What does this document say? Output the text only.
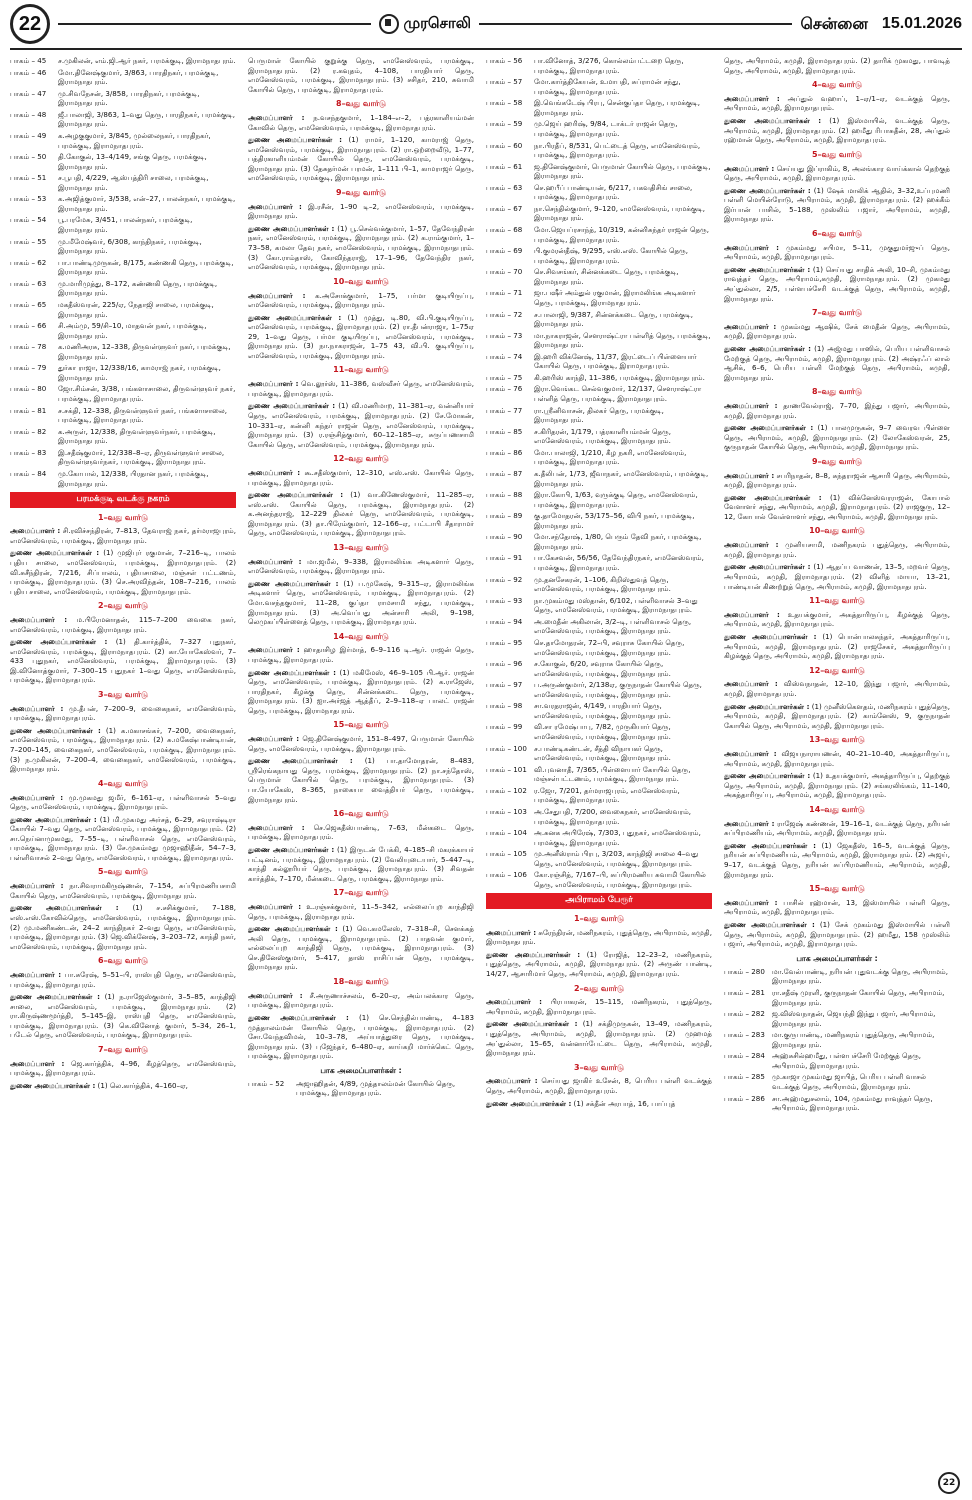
22	முரசொலி	சென்னை 15.01.2026
பாகம் – 45	ச.முகிலன், எம்.ஜி.ஆர் நகர், பரமக்குடி, இராமநாதபுரம்.
பாகம் – 46	மோ.தினேஷ்குமார், 3/863, பாரதிநகர், பரமக்குடி, இராமநாதபுரம்.
பாகம் – 47	மு.சிவநேசன், 3/858, பாரதிநகர், பரமக்குடி, இராமநாதபுரம்.
பாகம் – 48	ஜீ.பாலாஜி, 3/863, 1–வது தெரு, பாரதிநகர், பரமக்குடி, இராமநாதபுரம்.
பாகம் – 49	க.அழகுகுமார், 3/845, முல்லைநகர், பாரதிநகர், பரமக்குடி, இராமநாதபுரம்.
பாகம் – 50	தி.கோகுல், 13–4/149, சங்கு தெரு, பரமக்குடி, இராமநாதபுரம்.
பாகம் – 51	ச.பூபதி, 4/229, ஆஸ்பத்திரி சாலை, பரமக்குடி, இராமநாதபுரம்.
பாகம் – 53	க.அஜித்குமார், 3/538, என்–27, பாலன்நகர், பரமக்குடி, இராமநாதபுரம்.
பாகம் – 54	பூ.பரமேசு, 3/451, பாலன்நகர், பரமக்குடி, இராமநாதபுரம்.
பாகம் – 55	மு.மீமேஷ்வர், 6/308, காந்திநகர், பரமக்குடி, இராமநாதபுரம்.
பாகம் – 62	பா.பாண்டிமுருகன், 8/175, கண்ணகி தெரு, பரமக்குடி, இராமநாதபுரம்.
பாகம் – 63	மு.மாரிமுத்து, 8–172, கண்ணகி தெரு, பரமக்குடி, இராமநாதபுரம்.
பாகம் – 65	மகதீஸ்வரன், 225/ஏ, நேதாஜி சாலை, பரமக்குடி, இராமநாதபுரம்.
பாகம் – 66	சி.அம்மு, 59/சி–10, மாதவன் நகர், பரமக்குடி, இராமநாதபுரம்.
பாகம் – 78	க.மணிஅரசு, 12–338, திருவள்ளுவர் நகர், பரமக்குடி, இராமநாதபுரம்.
பாகம் – 79	துர்கா ராஜா, 12/338/16, காமராஜ் நகர், பரமக்குடி, இராமநாதபுரம்.
பாகம் – 80	ஜோ.சிம்சன், 3/38, பங்களாசாலை, திருவள்ளுவர் நகர், பரமக்குடி, இராமநாதபுரம்.
பாகம் – 81	ச.சக்தி, 12–338, திருவள்ளுவர் நகர், பங்களாசாலை, பரமக்குடி, இராமநாதபுரம்.
பாகம் – 82	க.அருள், 12/338, திருவள்ளுவர்நகர், பரமக்குடி, இராமநாதபுரம்.
பாகம் – 83	இ.சதீஷ்குமார், 12/338–8–ஏ, திருவள்ளுவர் சாலை, திருவள்ளுவர்நகர், பரமக்குடி, இராமநாதபுரம்.
பாகம் – 84	மு.கோபால், 12/338, பிரதான நகர், பரமக்குடி, இராமநாதபுரம்.
பரமக்குடி வடக்கு நகரம்
1–வது வார்டு

அமைப்பாளர் : சி.ரவிச்சந்திரன், 7–813, தேவராஜ் நகர், தர்மராஜபுரம், எமனேஸ்வரம், பரமக்குடி, இராமநாதபுரம்.

துணை அமைப்பாளர்கள் : (1) முஜிபுர் ரகுமான், 7–216–டி, பாலம் புதிய சாலை, எமனேஸ்வரம், பரமக்குடி, இராமநாதபுரம். (2) வி.சுசீந்திரன், 7/216, சிப்பாலம், புதியசாலை, மஞ்சள் பட்டணம், பரமக்குடி, இராமநாதபுரம். (3) செ.அரவிந்தன், 108–7–216, பாலம் புதிய சாலை, எமனேஸ்வரம், பரமக்குடி, இராமநாதபுரம்.

2–வது வார்டு

அமைப்பாளர் : ம.பிரேமனாதன், 115–7–200 வைகை நகர், எமனேஸ்வரம், பரமக்குடி, இராமநாதபுரம்.

துணை அமைப்பாளர்கள் : (1) தி.கார்த்திக், 7–327 புதுநகர், எமனேஸ்வரம், பரமக்குடி, இராமநாதபுரம். (2) கா.யோகேஸ்வர், 7–433 புதுநகர், எமனேஸ்வரம், பரமக்குடி, இராமநாதபுரம். (3) இ.வினோத்குமார், 7–300–15 புதுநகர் 1–வது தெரு, எமனேஸ்வரம், பரமக்குடி, இராமநாதபுரம்.

3–வது வார்டு

அமைப்பாளர் : மு.தீபன், 7–200–9, வைகைநகர், எமனேஸ்வரம், பரமக்குடி, இராமநாதபுரம்.

துணை அமைப்பாளர்கள் : (1) க.மகாசங்கர், 7–200, வைகைநகர், எமனேஸ்வரம், பரமக்குடி, இராமநாதபுரம். (2) சு.மகேஷ்பாண்டியன், 7–200–145, வைகைநகர், எமனேஸ்வரம், பரமக்குடி, இராமநாதபுரம். (3) ந.முகிலன், 7–200–4, வைகைநகர், எமனேஸ்வரம், பரமக்குடி, இராமநாதபுரம்.

4–வது வார்டு

அமைப்பாளர் : மு.முகமது ஜமீர், 6–161–ஏ, பள்ளிவாசல் 5–வது தெரு, எமனேஸ்வரம், பரமக்குடி, இராமநாதபுரம்.

துணை அமைப்பாளர்கள் : (1) மி.முகமது அர்சத், 6–29, சவுராஷ்டிரா கோயில் 7–வது தெரு, எமனேஸ்வரம், பரமக்குடி, இராமநாதபுரம். (2) சா.நெய்னாமுகமது, 7–55–டி, பள்ளிவாசல் தெரு, எமனேஸ்வரம், பரமக்குடி, இராமநாதபுரம். (3) சே.முகம்மது முஜாஹிதீன், 54–7–3, பள்ளிவாசல் 2–வது தெரு, எமனேஸ்வரம், பரமக்குடி, இராமநாதபுரம்.

5–வது வார்டு

அமைப்பாளர் : நா.சிவராமகிருஷ்ணன், 7–154, சுப்பிரமணியசாமி கோயில் தெரு, எமனேஸ்வரம், பரமக்குடி, இராமநாதபுரம்.

துணை அமைப்பாளர்கள் : (1) ச.சசிக்குமார், 7–188, எஸ்.எஸ்.கோவில்தெரு, எமனேஸ்வரம், பரமக்குடி, இராமநாதபுரம். (2) மு.மணிகண்டன், 24–2 காந்திநகர் 2–வது தெரு, எமனேஸ்வரம், பரமக்குடி, இராமநாதபுரம். (3) ஜெ.விக்னேஷ், 3–203–72, காந்தி நகர், எமனேஸ்வரம், பரமக்குடி, இராமநாதபுரம்.

6–வது வார்டு

அமைப்பாளர் : பா.சுரேஷ், 5–51–பி, ராஸ்புதி தெரு, எமனேஸ்வரம், பரமக்குடி, இராமநாதபுரம்.

துணை அமைப்பாளர்கள் : (1) ந.ராஜேஸ்குமார், 3–5–85, காந்திஜி சாலை, எமனேஸ்வரம், பரமக்குடி, இராமநாதபுரம். (2) ரா.கிருஷ்ணமூர்த்தி, 5–145–இ, ராஸ்புதி தெரு, எமனேஸ்வரம், பரமக்குடி, இராமநாதபுரம். (3) கெ.வினோத் குமார், 5–34, 26–1, படேல் தெரு, எமனேஸ்வரம், பரமக்குடி, இராமநாதபுரம்.

7–வது வார்டு

அமைப்பாளர் : ஜெ.கார்த்திக், 4–96, கீழத்தெரு, எமனேஸ்வரம், பரமக்குடி, இராமநாதபுரம்.

துணை அமைப்பாளர்கள் : (1) லெ.கார்த்திக், 4–160–ஏ,

பெருமாள் கோயில் குறுக்கு தெரு, எமனேஸ்வரம், பரமக்குடி, இராமநாதபுரம். (2) ர.கவுதம், 4–108, பாரதியார் தெரு, எமனேஸ்வரம், பரமக்குடி, இராமநாதபுரம். (3) சசிதர், 210, சுவாமி கோயில் தெரு, பரமக்குடி, இராமநாதபுரம்.

8–வது வார்டு

அமைப்பாளர் : ந.வசந்தகுமார், 1–184–எ–2, பத்ரகாளியம்மன் கோவில் தெரு, எமனேஸ்வரம், பரமக்குடி, இராமநாதபுரம்.

துணை அமைப்பாளர்கள் : (1) ராமர், 1–120, காமராஜ் தெரு, எமனேஸ்வரம், பரமக்குடி, இராமநாதபுரம். (2) ரா.ஒற்றைவீடு, 1–77, பத்திரகாளியம்மன் கோயில் தெரு, எமனேஸ்வரம், பரமக்குடி, இராமநாதபுரம். (3) தேசுதர்மன் பரமன், 1–111 பி–1, காமராஜர் தெரு, எமனேஸ்வரம், பரமக்குடி, இராமநாதபுரம்.

9–வது வார்டு

அமைப்பாளர் : இ.ரசீன், 1–90 டி–2, எமனேஸ்வரம், பரமக்குடி, இராமநாதபுரம்.

துணை அமைப்பாளர்கள் : (1) பூ.செல்வக்குமார், 1–57, தேவேந்திரன் நகர், எமனேஸ்வரம், பரமக்குடி, இராமநாதபுரம். (2) க.ராம்குமார், 1–73–58, கமலா தேவு நகர், எமனேஸ்வரம், பரமக்குடி, இராமநாதபுரம். (3) கோ.ராம்தாஸ், கோவிந்தராஜ், 17–1–96, தேவேந்திர நகர், எமனேஸ்வரம், பரமக்குடி, இராமநாதபுரம்.

10–வது வார்டு

அமைப்பாளர் : க.அசோக்குமார், 1–75, பர்மா குடியிருப்பு, எமனேஸ்வரம், பரமக்குடி, இராமநாதபுரம்.

துணை அமைப்பாளர்கள் : (1) முத்து, டி.80, வி.பி.குடியிருப்பு, எமனேஸ்வரம், பரமக்குடி, இராமநாதபுரம். (2) ரா.தீபன்ராஜா, 1–75ஏ 29, 1–வது தெரு, பர்மா குடியிருப்பு, எமனேஸ்வரம், பரமக்குடி, இராமநாதபுரம். (3) நா.நாகராஜன், 1–75 43, வி.பி. குடியிருப்பு, எமனேஸ்வரம், பரமக்குடி, இராமநாதபுரம்.

11–வது வார்டு

அமைப்பாளர் : வெ.லூர்ஸ், 11–386, வஸ்வீசர் தெரு, எமனேஸ்வரம், பரமக்குடி, இராமநாதபுரம்.

துணை அமைப்பாளர்கள் : (1) வி.மணிமாற, 11–381–ஏ, வன்னியார் தெரு, எமனேஸ்வரம், பரமக்குடி, இராமநாதபுரம். (2) சே.மோகன், 10–331–ஏ, கன்னி கந்தர் ராஜன் தெரு, எமனேஸ்வரம், பரமக்குடி, இராமநாதபுரம். (3) ர.ரஞ்சித்குமார், 60–12–185–ஏ, சுருப்பணசாமி கோயில் தெரு, எமனேஸ்வரம், பரமக்குடி, இராமநாதபுரம்.

12–வது வார்டு

அமைப்பாளர் : கூ.சதீஸ்குமார், 12–310, எஸ்.எஸ். கோயில் தெரு, பரமக்குடி, இராமநாதபுரம்.

துணை அமைப்பாளர்கள் : (1) வா.கிணேஸ்குமார், 11–285–ஏ, எஸ்.எஸ். கோயில் தெரு, பரமக்குடி, இராமநாதபுரம். (2) க.அனந்தராஜ், 12–229 திலகர் தெரு, எமனேஸ்வரம், பரமக்குடி, இராமநாதபுரம். (3) தா.பிரேம்குமார், 12–166–ஏ, பட்டாபி சீதாராமர் தெரு, எமனேஸ்வரம், பரமக்குடி, இராமநாதபுரம்.

13–வது வார்டு

அமைப்பாளர் : மா.ஜமீல், 9–338, இராமலிங்க அடிகளார் தெரு, எமனேஸ்வரம், பரமக்குடி, இராமநாதபுரம்.

துணை அமைப்பாளர்கள் : (1) ப.முகேஷ், 9–315–ஏ, இராமலிங்க அடிகளார் தெரு, எமனேஸ்வரம், பரமக்குடி, இராமநாதபுரம். (2) மோ.வசந்தகுமார், 11–28, குப்தா ராமசாமி சந்து, பரமக்குடி, இராமநாதபுரம். (3) அ.வெப்பது அன்சாரி அலி, 9–198, லெமுகப்பிள்ளைத் தெரு, பரமக்குடி, இராமநாதபுரம்.

14–வது வார்டு

அமைப்பாளர் : ஹாதாசிழ இர்மாத், 6–9–116 டி.ஆர். ராஜன் தெரு, பரமக்குடி, இராமநாதபுரம்.

துணை அமைப்பாளர்கள் : (1) மகிமேஸ், 46–9–105 பி.ஆர். ராஜன் தெரு, எமனேஸ்வரம், பரமக்குடி, இராமநாதபுரம். (2) க.ராஜேஸ், பாரதிநகர், கீழக்கு தெரு, சின்னக்கடை தெரு, பரமக்குடி, இராமநாதபுரம். (3) ஐா.அர்ஜத் ஆத்தீப், 2–9–118–ஏ பாலட் ராஜன் தெரு, பரமக்குடி, இராமநாதபுரம்.

15–வது வார்டு

அமைப்பாளர் : ஜெ.தினேஷ்குமார், 151–8–497, பெருமாள் கோயில் தெரு, எமனேஸ்வரம், பரமக்குடி, இராமநாதபுரம்.

துணை அமைப்பாளர்கள் : (1) பா.தாமோதரன், 8–483, ஸ்ரீரெங்கநாயது தெரு, பரமக்குடி, இராமநாதபுரம். (2) நா.சந்தோஸ், பெருமாள் கோயில் தெரு, பரமக்குடி, இராமநாதபுரம். (3) பா.யோகேஸ், 8–365, நாகையா வைத்தியர் தெரு, பரமக்குடி, இராமநாதபுரம்.

16–வது வார்டு

அமைப்பாளர் : செ.ஜெகதீஸ்பாண்டி, 7–63, மீன்கடை தெரு, பரமக்குடி, இராமநாதபுரம்.

துணை அமைப்பாளர்கள் : (1) இருடன் பேக்கி, 4–185–சி மகரக்காயர் பட்டினம், பரமக்குடி, இராமநாதபுரம். (2) வேலியுடையார், 5–447–டி, காந்தி கல்லூரியர் தெரு, பரமக்குடி, இராமநாதபுரம். (3) சிவதன் கார்த்திக், 7–170, மீன்கடை தெரு, பரமக்குடி, இராமநாதபுரம்.

17–வது வார்டு

அமைப்பாளர் : உ.ரஞ்சக்குமார், 11–5–342, எல்லைப்புற காந்திஜி தெரு, பரமக்குடி, இராமநாதபுரம்.

துணை அமைப்பாளர்கள் : (1) வெ.கமலேஸ், 7–318–சி, செளக்கத் அலி தெரு, பரமக்குடி, இராமநாதபுரம். (2) பாதவன் குமார், எல்லைப்புற காந்திஜி தெரு, பரமக்குடி, இராமநாதபுரம். (3) செ.தினேஸ்குமார், 5–417, தாஸ் ராசிப்பன் தெரு, பரமக்குடி, இராமநாதபுரம்.

18–வது வார்டு

அமைப்பாளர் : சீ.அருணாச்சலம், 6–20–ஏ, அம்பலக்கார தெரு, பரமக்குடி, இராமநாதபுரம்.

துணை அமைப்பாளர்கள் : (1) செ.செந்தில்பாண்டி, 4–183 முத்தாலம்மன் கோயில் தெரு, பரமக்குடி, இராமநாதபுரம். (2) சோ.வேந்தவிமல், 10–3–78, அய்யாத்துரை தெரு, பரமக்குடி, இராமநாதபுரம். (3) புஜேந்தர், 6–480–ஏ, காய்கறி மார்க்கெட் தெரு, பரமக்குடி, இராமநாதபுரம்.

பாக அமைப்பாளர்கள் :
பாகம் – 52	அஜாஹிதன், 4/89, முத்தாலம்மன் கோயில் தெரு, பரமக்குடி, இராமநாதபுரம்.
பாகம் – 56	பா.வினோத், 3/276, கொல்லம்பட்டறை தெரு, பரமக்குடி, இராமநாதபுரம்.
பாகம் – 57	மோ.கார்த்திகேயன், உமாபதி, சுப்ராமன் சந்து, பரமக்குடி, இராமநாதபுரம்.
பாகம் – 58	இ.வெங்கடேஷ் பிரபு, சென்குப்தா தெரு, பரமக்குடி, இராமநாதபுரம்.
பாகம் – 59	மு.ஜெய் ஹரிஷ், 9/84, டாக்டர் ராஜன் தெரு, பரமக்குடி, இராமநாதபுரம்.
பாகம் – 60	நா.பிரதீப், 8/531, பெட்டைத் தெரு, எமனேஸ்வரம், பரமக்குடி, இராமநாதபுரம்.
பாகம் – 61	ஜ.தினேஷ்குமார், பெருமாள் கோயில் தெரு, பரமக்குடி, இராமநாதபுரம்.
பாகம் – 63	செ.ஹபீப் பாண்டியன், 6/217, பகவதிசிங் சாலை, பரமக்குடி, இராமநாதபுரம்.
பாகம் – 67	நா.செந்தில்குமார், 9–120, எமனேஸ்வரம், பரமக்குடி, இராமநாதபுரம்.
பாகம் – 68	மோ.ஜெயப்ரசாந்த், 10/319, கன்னிசுந்தர் ராஜன் தெரு, பரமக்குடி, இராமநாதபுரம்.
பாகம் – 69	பி.குமரன்தீஷ், 9/295, எஸ்.எஸ். கோயில் தெரு, பரமக்குடி, இராமநாதபுரம்.
பாகம் – 70	செ.சிவசங்கர், சின்னக்கடை தெரு, பரமக்குடி, இராமநாதபுரம்.
பாகம் – 71	ஜா.பஷீர் அம்துல் ரகுமான், இராமலிங்க அடிகளார் தெரு, பரமக்குடி, இராமநாதபுரம்.
பாகம் – 72	ச.பாலாஜி, 9/387, சின்னக்கடை தெரு, பரமக்குடி, இராமநாதபுரம்.
பாகம் – 73	மா.நாகராஜன், சௌராஷ்ட்ரா பள்ளித் தெரு, பரமக்குடி, இராமநாதபுரம்.
பாகம் – 74	இ.ஹரி விக்னேஷ், 11/37, இரட்டைப் பிள்ளையார் கோயில் தெரு, பரமக்குடி, இராமநாதபுரம்.
பாகம் – 75	கி.ஹரிஸ் காந்தி, 11–386, பரமக்குடி, இராமநாதபுரம்.
பாகம் – 76	இரா.வெங்கட செல்வகுமார், 12/137, சௌராஷ்ட்ரா பள்ளித் தெரு, பரமக்குடி, இராமநாதபுரம்.
பாகம் – 77	ரா.ஸ்ரீனிவாசன், திலகர் தெரு, பரமக்குடி, இராமநாதபுரம்.
பாகம் – 85	ச.கிரிதரன், 1/179, பத்ரகாளியம்மன் தெரு, எமனேஸ்வரம், பரமக்குடி, இராமநாதபுரம்.
பாகம் – 86	மோ.பாலாஜி, 1/210, கீழ நகரி, எமனேஸ்வரம், பரமக்குடி, இராமநாதபுரம்.
பாகம் – 87	க.தீலிபன், 1/73, ஜீவாநகர், எமனேஸ்வரம், பரமக்குடி, இராமநாதபுரம்.
பாகம் – 88	இரா.கோபி, 1/63, வுருக்குடி தெரு, எமனேஸ்வரம், பரமக்குடி, இராமநாதபுரம்.
பாகம் – 89	கு.தாமோதரன், 53/175–56, விபி நகர், பரமக்குடி, இராமநாதபுரம்.
பாகம் – 90	மோ.சந்தோஷ், 1/80, பெரும் தேவி நகர், பரமக்குடி, இராமநாதபுரம்.
பாகம் – 91	பா.கேசவன், 56/56, தேவேந்திரநகர், எமனேஸ்வரம், பரமக்குடி, இராமநாதபுரம்.
பாகம் – 92	மு.தனசேகரன், 1–106, கிறிஸ்துவத் தெரு, எமனேஸ்வரம், பரமக்குடி, இராமநாதபுரம்.
பாகம் – 93	நா.முகம்மது மஸ்தான், 6/102, பள்ளிவாசல் 3–வது தெரு, எமனேஸ்வரம், பரமக்குடி, இராமநாதபுரம்.
பாகம் – 94	அ.மைதீன் அகிலான், 3/2–டி, பள்ளிவாசல் தெரு, எமனேஸ்வரம், பரமக்குடி, இராமநாதபுரம்.
பாகம் – 95	செ.தாமோதரன், 72–பி, சவுராசு கோயில் தெரு, எமனேஸ்வரம், பரமக்குடி, இராமநாதபுரம்.
பாகம் – 96	ச.கோகுல், 6/20, சவுராசு கோயில் தெரு, எமனேஸ்வரம், பரமக்குடி, இராமநாதபுரம்.
பாகம் – 97	ப.அருண்குமார், 2/138ஏ, குருநாதன் கோயில் தெரு, எமனேஸ்வரம், பரமக்குடி, இராமநாதபுரம்.
பாகம் – 98	சா.வரதராஜன், 4/149, பாரதியார் தெரு, எமனேஸ்வரம், பரமக்குடி, இராமநாதபுரம்.
பாகம் – 99	வி.சா ரமேஷ்பாபு, 7/82, முருகியார் தெரு, எமனேஸ்வரம், பரமக்குடி, இராமநாதபுரம்.
பாகம் – 100	ச.பாண்டிகண்டன், சீத்தி விநாயகர் தெரு, எமனேஸ்வரம், பரமக்குடி, இராமநாதபுரம்.
பாகம் – 101	வி.புவனாதீ, 7/365, பிள்ளையார் கோயில் தெரு, மஞ்சள்பட்டணம், பரமக்குடி, இராமநாதபுரம்.
பாகம் – 102	ர.ஜோ, 7/201, தர்மராஜபுரம், எமனேஸ்வரம், பரமக்குடி, இராமநாதபுரம்.
பாகம் – 103	அ.சேதுபதி, 7/200, வைகைநகர், எமனேஸ்வரம், பரமக்குடி, இராமநாதபுரம்.
பாகம் – 104	அ.சுனக அபிரேஷ், 7/303, புதுநகர், எமனேஸ்வரம், பரமக்குடி, இராமநாதபுரம்.
பாகம் – 105	மு.அனீஸ்ராம் பிரபு, 3/203, காந்திஜி சாலை 4–வது தெரு, எமனேஸ்வரம், பரமக்குடி, இராமநாதபுரம்.
பாகம் – 106	கோ.ரஞ்சித், 7/167–பி, சுப்பிரமணிய சுவாமி கோயில் தெரு, எமனேஸ்வரம், பரமக்குடி, இராமநாதபுரம்.
அபிராமம் பேரூர்
1–வது வார்டு

அமைப்பாளர் : சுரேந்திரன், மணிநகரம், புதுத்தெரு, அபிராமம், கமுதி, இராமநாதபுரம்.

துணை அமைப்பாளர்கள் : (1) ரோஜித், 12–23–2, மணிநகரம், புதுத்தெரு, அபிராமம், கமுதி, இராமநாதபுரம். (2) அருண் பாண்டி, 14/27, ஆசாரிமார் தெரு, அபிராமம், கமுதி, இராமநாதபுரம்.

2–வது வார்டு

அமைப்பாளர் : பிரபாகரன், 15–115, மணிநகரம், புதுத்தெரு, அபிராமம், கமுதி, இராமநாதபுரம்.

துணை அமைப்பாளர்கள் : (1) சக்திமுருகன், 13–49, மணிநகரம், புதுத்தெரு, அபிராமம், கமுதி, இராமநாதபுரம். (2) முஹமத் அப்துல்லா, 15–65, வன்னார்பேட்டை தெரு, அபிராமம், கமுதி, இராமநாதபுரம்.

3–வது வார்டு

அமைப்பாளர் : செய்யது ஜாகிர் உசேன், 8, பெரிய பள்ளி வடக்குத் தெரு, அபிராமம், கமுதி, இராமநாதபுரம்.

துணை அமைப்பாளர்கள் : (1) சக்தீன் அரபாத், 16, பாப்புத்

தெரு, அபிராமம், கமுதி, இராமநாதபுரம். (2) தாரிக் முகமது, பாவடித் தெரு, அபிராமம், கமுதி, இராமநாதபுரம்.

4–வது வார்டு

அமைப்பாளர் : அப்துல் வஹாப், 1–ஏ/1–ஏ, வடக்குத் தெரு, அபிராமம், கமுதி, இராமநாதபுரம்.

துணை அமைப்பாளர்கள் : (1) இஸ்மாயில், வடக்குத் தெரு, அபிராமம், கமுதி, இராமநாதபுரம். (2) ஹமீது ரிபாசுதீன், 28, அப்துல் ரஹ்மான் தெரு, அபிராமம், கமுதி, இராமநாதபுரம்.

5–வது வார்டு

அமைப்பாளர் : செய்யது இப்ராகிம், 8, அலங்கார வாய்க்கால் தெற்குத் தெரு, அபிராமம், கமுதி, இராமநாதபுரம்.

துணை அமைப்பாளர்கள் : (1) ஷேக் மாலிக் ஆதில், 3–32,உப்புமணி பள்ளி மெயின்ரோடு, அபிராமம், கமுதி, இராமநாதபுரம். (2) ஹக்கீம் இர்பான் பாசில், 5–188, முஸ்லிம் பஜார், அபிராமம், கமுதி, இராமநாதபுரம்.

6–வது வார்டு

அமைப்பாளர் : முகம்மது சபிமா, 5–11, முகுதுமர்ஜுப் தெரு, அபிராமம், கமுதி, இராமநாதபுரம்.

துணை அமைப்பாளர்கள் : (1) செய்யது சாதிக் அலி, 10–சி, முகம்மது ராவுத்தர் தெரு, அபிராமம்,கமுதி, இராமநாதபுரம். (2) முகமது அப்துல்லா, 2/5, பள்ளபச்சேரி வடக்குத் தெரு, அபிராமம், கமுதி, இராமநாதபுரம்.

7–வது வார்டு

அமைப்பாளர் : முகம்மது ஆஷிக், சேக் மைதீன் தெரு, அபிராமம், கமுதி, இராமநாதபுரம்.

துணை அமைப்பாளர்கள் : (1) அஜ்மது பாஸில், பெரிய பள்ளிவாசல் மேற்குத் தெரு, அபிராமம், கமுதி, இராமநாதபுரம். (2) அஷ்ரஃப் லால் ஆசிக், 6–6, பெரிய பள்ளி மேற்குத் தெரு, அபிராமம், கமுதி, இராமநாதபுரம்.

8–வது வார்டு

அமைப்பாளர் : தாணவேல்ராஜ், 7–70, இந்து பஜார், அபிராமம், கமுதி, இராமநாதபுரம்.

துணை அமைப்பாளர்கள் : (1) பாலமுருகன், 9–7 வைரவ பிள்ளை தெரு, அபிராமம், கமுதி, இராமநாதபுரம். (2) லோகேஸ்வரன், 25, குருநாதன் கோயில் தெரு, அபிராமம், கமுதி, இராமநாதபுரம்.

9–வது வார்டு

அமைப்பாளர் : சபரிநாதன், 8–8, சுந்தராஜன் ஆசாரி தெரு, அபிராமம், கமுதி, இராமநாதபுரம்.

துணை அமைப்பாளர்கள் : (1) விக்னேஸ்வரராஜன், கோபால் வேளாளர் சந்து, அபிராமம், கமுதி, இராமநாதபுரம். (2) ராஜகுரு, 12–12, கோபால் வேள்ளாளர் சந்து, அபிராமம், கமுதி, இராமநாதபுரம்.

10–வது வார்டு

அமைப்பாளர் : முனியசாமி, மணிநகரம் புதுத்தெரு, அபிராமம், கமுதி, இராமநாதபுரம்.

துணை அமைப்பாளர்கள் : (1) ஆதப்ப வாணன், 13–5, மறவர் தெரு, அபிராமம், கமுதி, இராமநாதபுரம். (2) விளித் மாயா, 13–21, பாண்டியன் கிணற்றுத் தெரு, அபிராமம், கமுதி, இராமநாதபுரம்.

11–வது வார்டு

அமைப்பாளர் : உதயக்குமார், அகத்தாரிருப்பு, கீழக்குத் தெரு, அபிராமம், கமுதி, இராமநாதபுரம்.

துணை அமைப்பாளர்கள் : (1) பொன்பாலசுந்தர், அகத்தாரிருப்பு, அபிராமம், கமுதி, இராமநாதபுரம். (2) ராஜசேகர், அகத்தாரிருப்பு கிழக்குத் தெரு, அபிராமம், கமுதி, இராமநாதபுரம்.

12–வது வார்டு

அமைப்பாளர் : விஸ்வநாதன், 12–10, இந்து பஜார், அபிராமம், கமுதி, இராமநாதபுரம்.

துணை அமைப்பாளர்கள் : (1) முனீஸ்கௌதம், மணிநகரம் புதுத்தெரு, அபிராமம், கமுதி, இராமநாதபுரம். (2) காம்னேஸ், 9, குருநாதன் கோயில் தெரு, அபிராமம், கமுதி, இராமநாதபுரம்.

13–வது வார்டு

அமைப்பாளர் : விஜயநாராயணன், 40–21–10–40, அகத்தாரிருப்பு, அபிராமம், கமுதி, இராமநாதபுரம்.

துணை அமைப்பாளர்கள் : (1) உதயக்குமார், அகத்தாரிருப்பு, தெற்குத் தெரு, அபிராமம், கமுதி, இராமநாதபுரம். (2) சங்கரலிங்கம், 11–140, அகத்தாரிருப்பு, அபிராமம், கமுதி, இராமநாதபுரம்.

14–வது வார்டு

அமைப்பாளர் : ராஜேஷ் கண்ணன், 19–16–1, வடக்குத் தெரு, நரியன் சுப்பிரமணியம், அபிராமம், கமுதி, இராமநாதபுரம்.

துணை அமைப்பாளர்கள் : (1) ஜேகதீஸ், 16–5, வடக்குத் தெரு, நரியன் சுப்பிரமணியம், அபிராமம், கமுதி, இராமநாதபுரம். (2) அஜய், 9–17, வடக்குத் தெரு, நரியன் சுப்பிரமணியம், அபிராமம், கமுதி, இராமநாதபுரம்.

15–வது வார்டு

அமைப்பாளர் : பாசில் ரஹ்மான், 13, இஸ்மாயில் பள்ளி தெரு, அபிராமம், கமுதி, இராமநாதபுரம்.

துணை அமைப்பாளர்கள் : (1) சேக் முகம்மது இஸ்மாயில் பள்ளி தெரு, அபிராமம், கமுதி, இராமநாதபுரம். (2) ஹமீது, 158 முஸ்லிம் பஜார், அபிராமம், கமுதி, இராமநாதபுரம்.

பாக அமைப்பாளர்கள் :
பாகம் – 280	மா.வேல்பாண்டி, நரியன் புதுவடக்கு தெரு, அபிராமம், இராமநாதபுரம்.
பாகம் – 281	ரா.சதீஷ் முரளி, குருநாதன் கோயில் தெரு, அபிராமம், இராமநாதபுரம்.
பாகம் – 282	ஜ.விஸ்வநாதன், ஜெயந்தி இந்து பஜார், அபிராமம், இராமநாதபுரம்.
பாகம் – 283	மா.குருபாண்டி, மணிநகரம் புதுத்தெரு, அபிராமம், இராமநாதபுரம்.
பாகம் – 284	அஹ்சுசில்ஹமீது, பள்ளபச்சேரி மேற்குத் தெரு, அபிராமம், இராமநாதபுரம்.
பாகம் – 285	மு.காஜா முகம்மது ஜாபித், பெரிய பள்ளி வாசல் வடக்குத் தெரு, அபிராமம், இராமநாதபுரம்.
பாகம் – 286	சா.அஹ்மதுசலாம், 104, முகம்மது ராவுத்தர் தெரு, அபிராமம், இராமநாதபுரம்.
22
